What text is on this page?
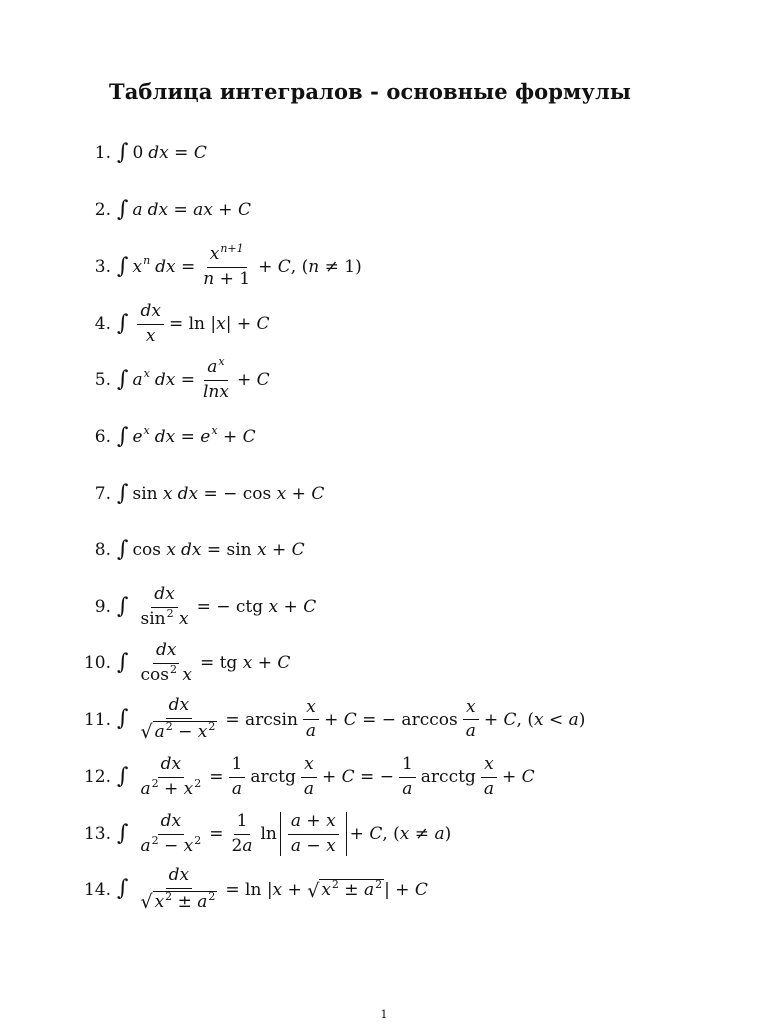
Таблица интегралов - основные формулы
1. ∫ 0 dx = C
2. ∫ a dx = ax + C
3. ∫ x n dx = $\frac{x^{n+1}}{n + 1} + C$ , ( n ≠ 1)
4. ∫ $\frac{dx}{x} = \ln$ | x | + C
5. ∫ a x dx = $\frac{a^x}{\ln x} + C$
6. ∫ e x dx = e x + C
7. ∫ sin x dx = − cos x + C
8. ∫ cos x dx = sin x + C
9. ∫ $\frac{dx}{\sin^2 x}$ = − ctg x + C
10. ∫ $\frac{dx}{\cos^2 x}$ = tg x + C
11. ∫ $\frac{dx}{√ a^2 - x^2} = \arcsin \frac{x}{a} + C$ = − $\arccos \frac{x}{a} + C$ , ( x < a )
12. ∫ $\frac{dx}{a^2 + x^2} = \frac{1}{a}$ arctg $\frac{x}{a} + C$ = − $\frac{1}{a}$ arcctg $\frac{x}{a} + C$
13. ∫ $\frac{dx}{a^2 - x^2} = \frac{1}{2a}$ $\ln \frac{a + x}{a - x} + C$ , ( x ≠ a )
14. ∫ $\frac{dx}{√ x^2 \pm a^2} = \ln$ | x + √ $x^2 \pm a^2$ | + C
1
